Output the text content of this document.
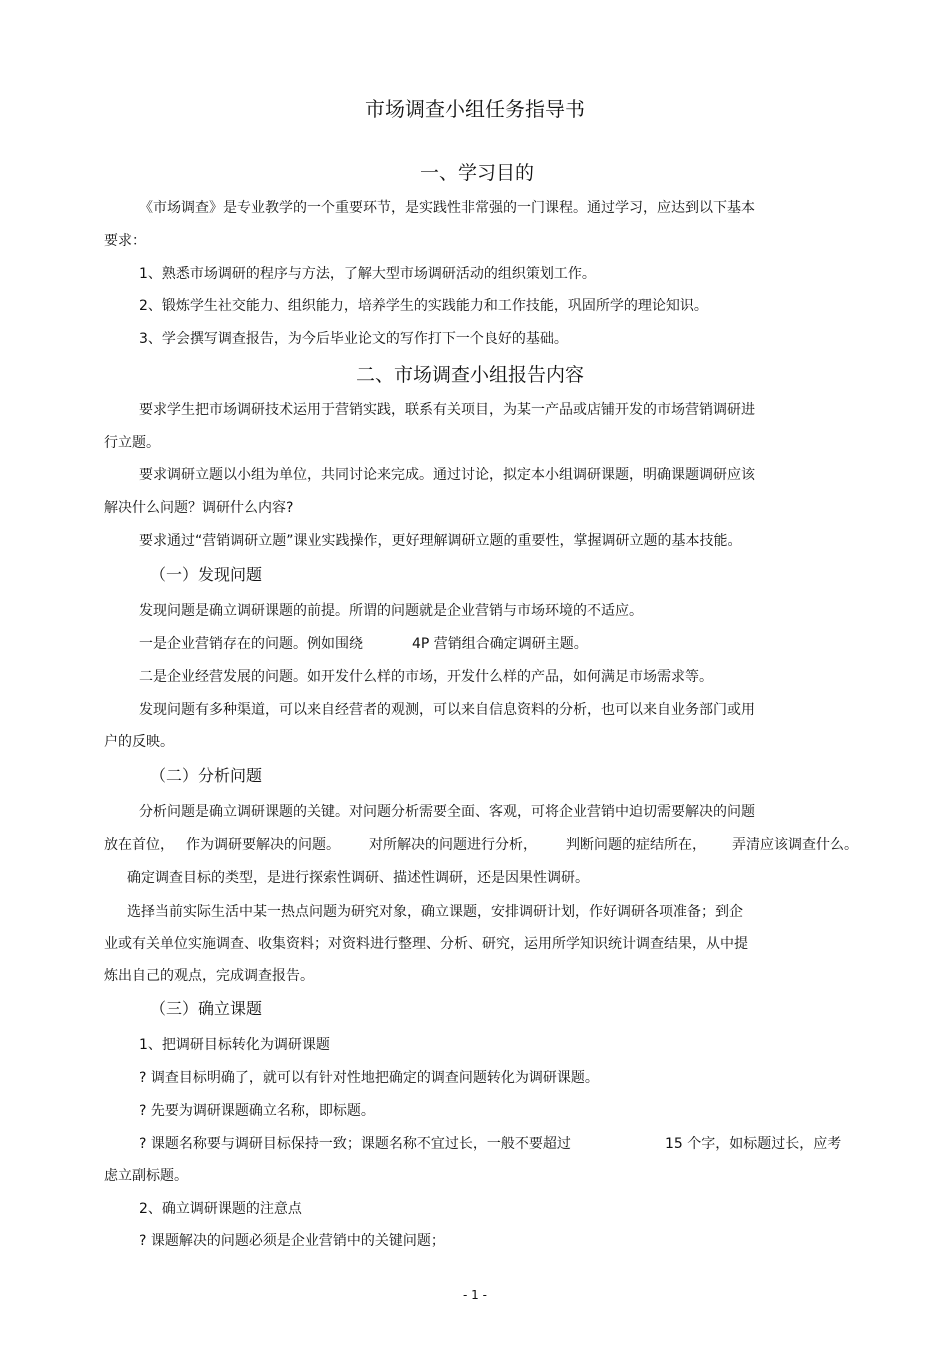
市场调查小组任务指导书
一、学习目的
《市场调查》是专业教学的一个重要环节，是实践性非常强的一门课程。通过学习，应达到以下基本
要求：
1、熟悉市场调研的程序与方法，了解大型市场调研活动的组织策划工作。
2、锻炼学生社交能力、组织能力，培养学生的实践能力和工作技能，巩固所学的理论知识。
3、学会撰写调查报告，为今后毕业论文的写作打下一个良好的基础。
二、市场调查小组报告内容
要求学生把市场调研技术运用于营销实践，联系有关项目，为某一产品或店铺开发的市场营销调研进
行立题。
要求调研立题以小组为单位，共同讨论来完成。通过讨论，拟定本小组调研课题，明确课题调研应该
解决什么问题？调研什么内容?
要求通过“营销调研立题”课业实践操作，更好理解调研立题的重要性，掌握调研立题的基本技能。
（一）发现问题
发现问题是确立调研课题的前提。所谓的问题就是企业营销与市场环境的不适应。
一是企业营销存在的问题。例如围绕	4P 营销组合确定调研主题。
二是企业经营发展的问题。如开发什么样的市场，开发什么样的产品，如何满足市场需求等。
发现问题有多种渠道，可以来自经营者的观测，可以来自信息资料的分析，也可以来自业务部门或用
户的反映。
（二）分析问题
分析问题是确立调研课题的关键。对问题分析需要全面、客观，可将企业营销中迫切需要解决的问题
放在首位， 作为调研要解决的问题。 对所解决的问题进行分析， 判断问题的症结所在， 弄清应该调查什么。
确定调查目标的类型，是进行探索性调研、描述性调研，还是因果性调研。
选择当前实际生活中某一热点问题为研究对象，确立课题，安排调研计划，作好调研各项准备；到企
业或有关单位实施调查、收集资料；对资料进行整理、分析、研究，运用所学知识统计调查结果，从中提
炼出自己的观点，完成调查报告。
（三）确立课题
1、把调研目标转化为调研课题
? 调查目标明确了，就可以有针对性地把确定的调查问题转化为调研课题。
? 先要为调研课题确立名称，即标题。
? 课题名称要与调研目标保持一致；课题名称不宜过长，一般不要超过	15 个字，如标题过长，应考
虑立副标题。
2、确立调研课题的注意点
? 课题解决的问题必须是企业营销中的关键问题；
- 1 -
